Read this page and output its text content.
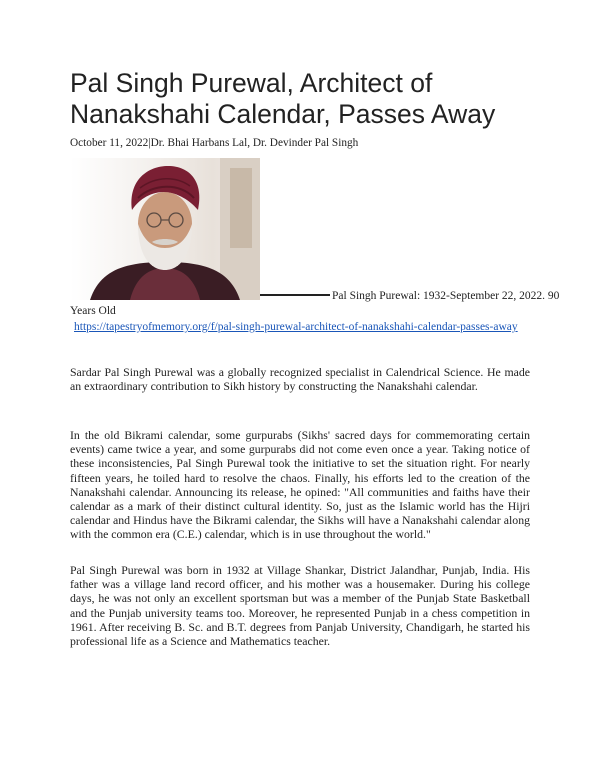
Pal Singh Purewal, Architect of Nanakshahi Calendar, Passes Away
October 11, 2022|Dr. Bhai Harbans Lal, Dr. Devinder Pal Singh
Pal Singh Purewal: 1932-September 22, 2022. 90
Years Old
https://tapestryofmemory.org/f/pal-singh-purewal-architect-of-nanakshahi-calendar-passes-away

Sardar Pal Singh Purewal was a globally recognized specialist in Calendrical Science. He made an extraordinary contribution to Sikh history by constructing the Nanakshahi calendar.

In the old Bikrami calendar, some gurpurabs (Sikhs' sacred days for commemorating certain events) came twice a year, and some gurpurabs did not come even once a year. Taking notice of these inconsistencies, Pal Singh Purewal took the initiative to set the situation right. For nearly fifteen years, he toiled hard to resolve the chaos. Finally, his efforts led to the creation of the Nanakshahi calendar. Announcing its release, he opined: "All communities and faiths have their calendar as a mark of their distinct cultural identity. So, just as the Islamic world has the Hijri calendar and Hindus have the Bikrami calendar, the Sikhs will have a Nanakshahi calendar along with the common era (C.E.) calendar, which is in use throughout the world."

Pal Singh Purewal was born in 1932 at Village Shankar, District Jalandhar, Punjab, India. His father was a village land record officer, and his mother was a housemaker. During his college days, he was not only an excellent sportsman but was a member of the Punjab State Basketball and the Punjab university teams too. Moreover, he represented Punjab in a chess competition in 1961. After receiving B. Sc. and B.T. degrees from Panjab University, Chandigarh, he started his professional life as a Science and Mathematics teacher.
